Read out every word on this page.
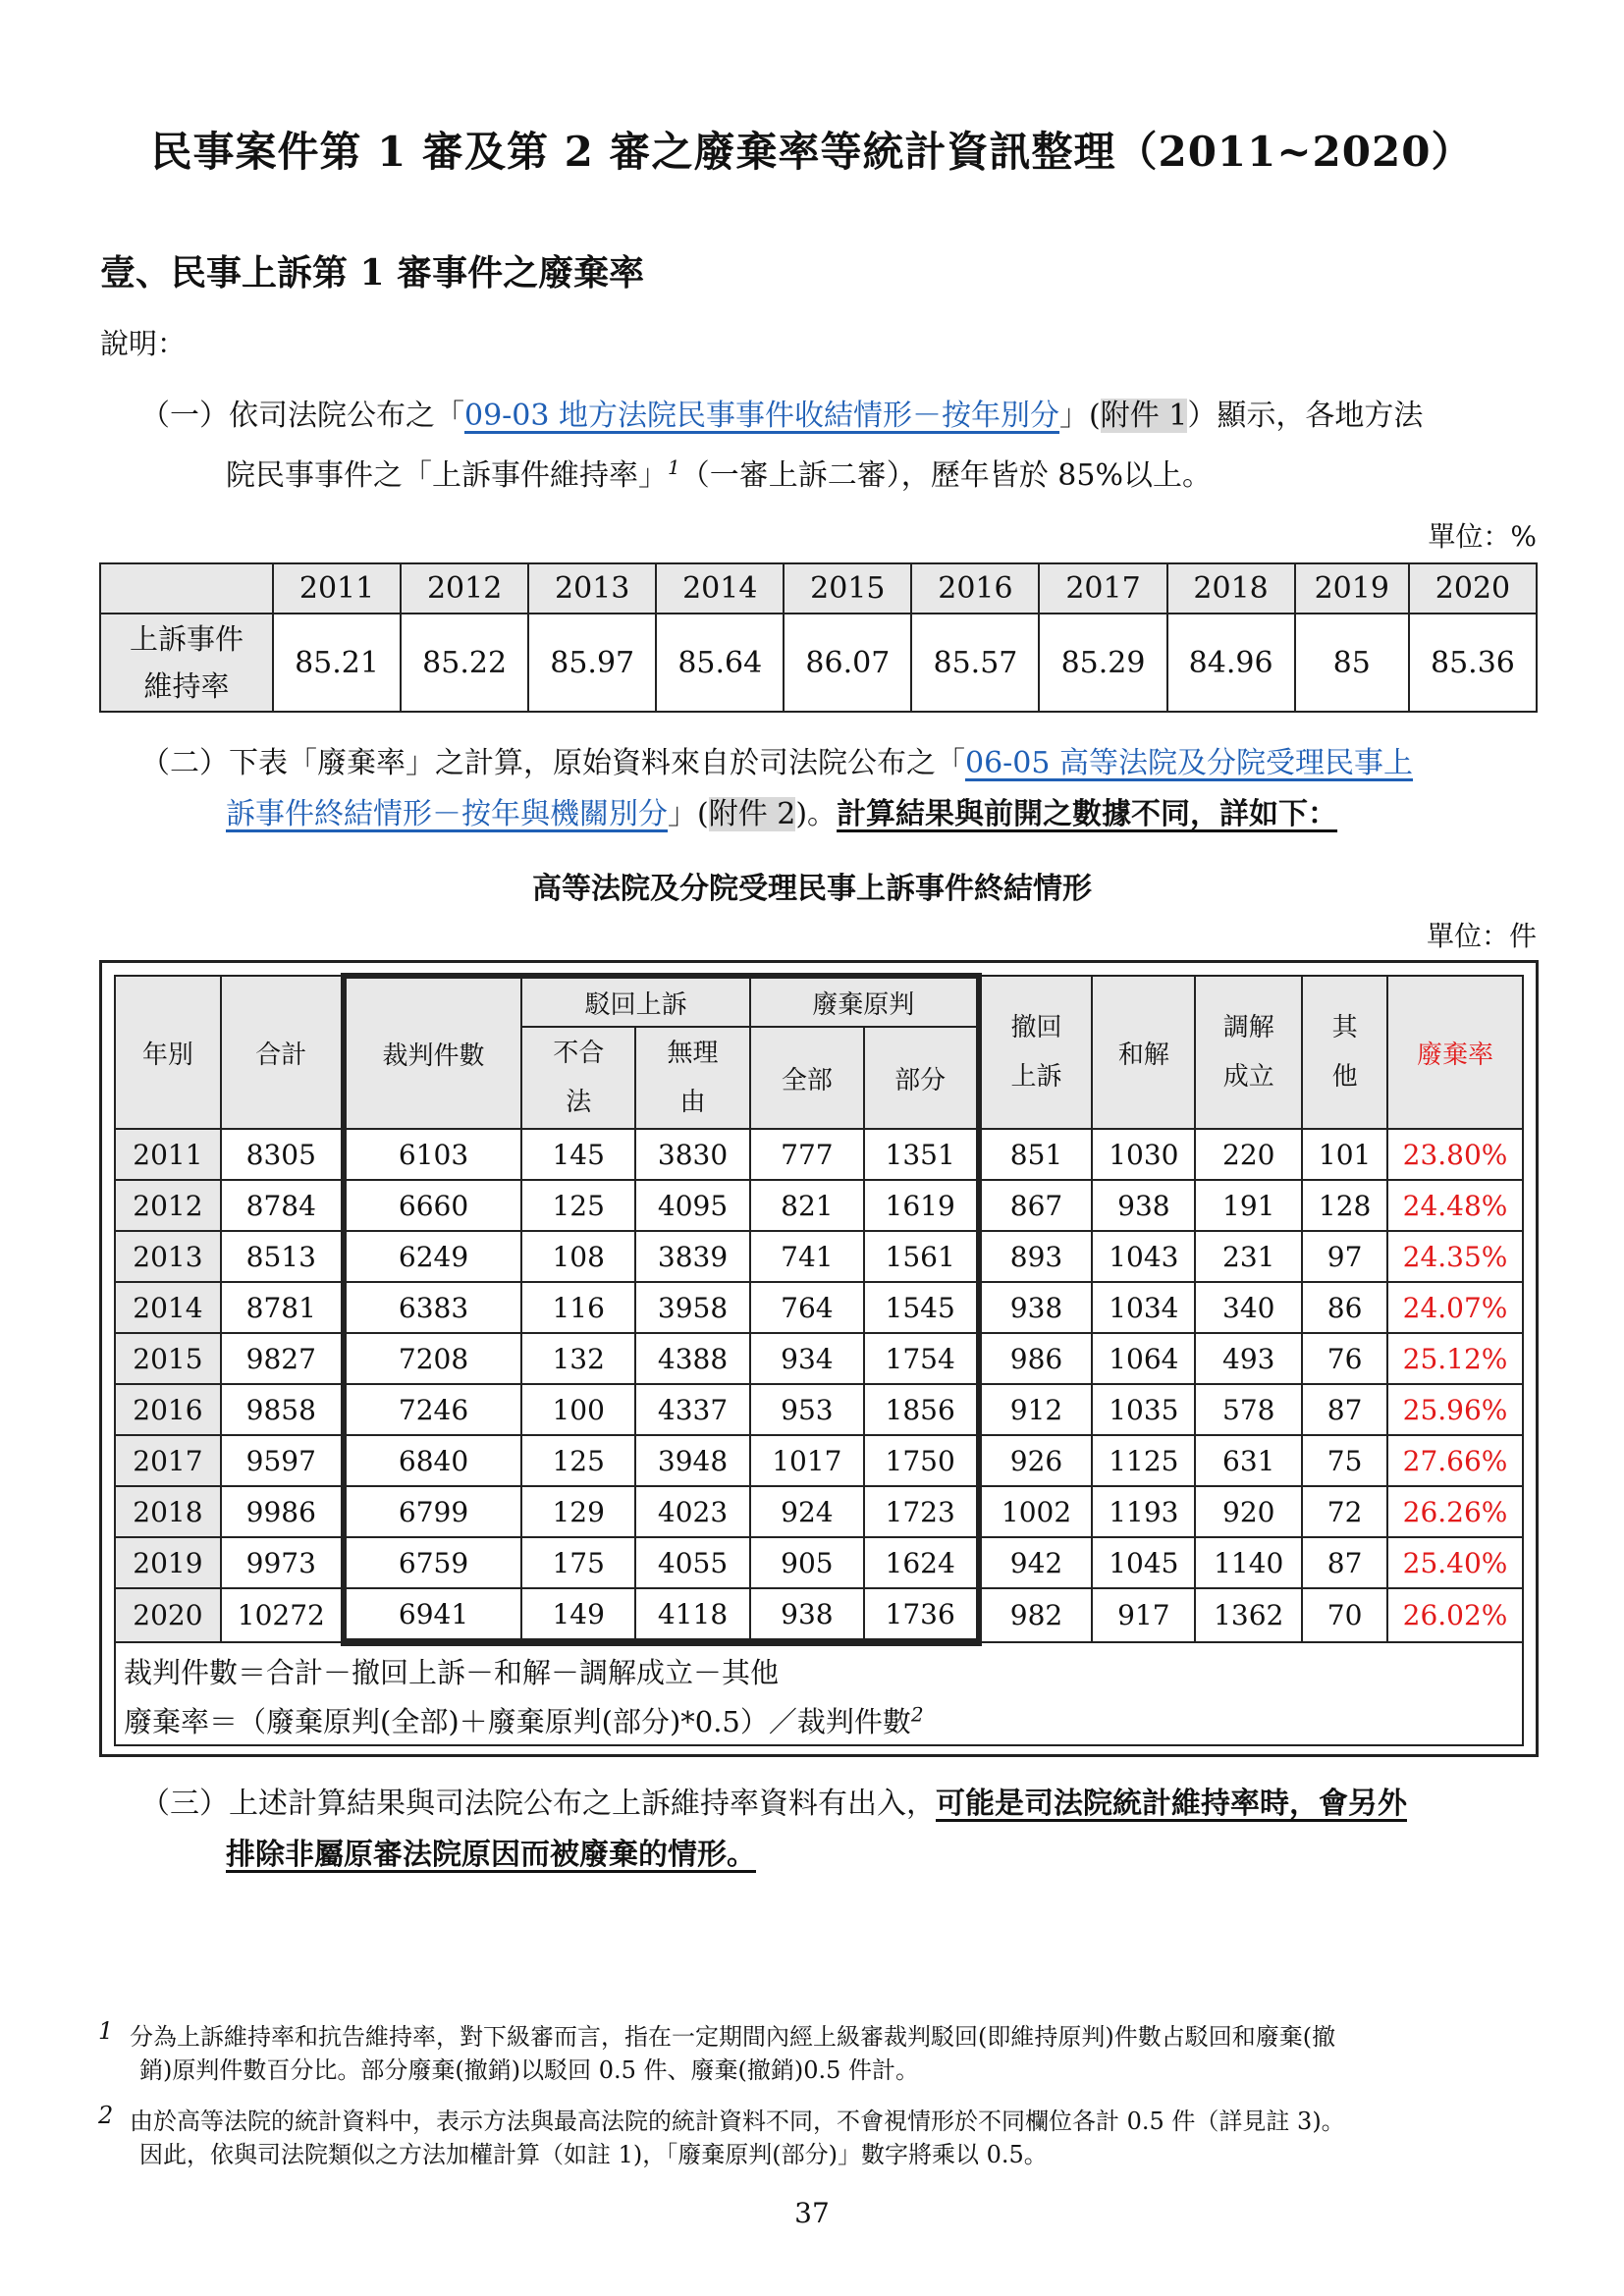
民事案件第 1 審及第 2 審之廢棄率等統計資訊整理（2011~2020）
壹、民事上訴第 1 審事件之廢棄率
說明：
（一）依司法院公布之「09-03 地方法院民事事件收結情形－按年別分」(附件 1）顯示，各地方法
院民事事件之「上訴事件維持率」$^1$（一審上訴二審），歷年皆於 85%以上。
單位：%
	2011	2012	2013	2014	2015	2016	2017	2018	2019	2020
上訴事件
維持率	85.21	85.22	85.97	85.64	86.07	85.57	85.29	84.96	85	85.36
（二）下表「廢棄率」之計算，原始資料來自於司法院公布之「06-05 高等法院及分院受理民事上
訴事件終結情形－按年與機關別分」(附件 2)。計算結果與前開之數據不同，詳如下：
高等法院及分院受理民事上訴事件終結情形
單位：件
年別	合計	裁判件數	駁回上訴		廢棄原判		撤回上訴	和解	調解成立	其他	廢棄率
			不合法	無理由	全部	部分					
2011	8305	6103	145	3830	777	1351	851	1030	220	101	23.80%
2012	8784	6660	125	4095	821	1619	867	938	191	128	24.48%
2013	8513	6249	108	3839	741	1561	893	1043	231	97	24.35%
2014	8781	6383	116	3958	764	1545	938	1034	340	86	24.07%
2015	9827	7208	132	4388	934	1754	986	1064	493	76	25.12%
2016	9858	7246	100	4337	953	1856	912	1035	578	87	25.96%
2017	9597	6840	125	3948	1017	1750	926	1125	631	75	27.66%
2018	9986	6799	129	4023	924	1723	1002	1193	920	72	26.26%
2019	9973	6759	175	4055	905	1624	942	1045	1140	87	25.40%
2020	10272	6941	149	4118	938	1736	982	917	1362	70	26.02%
裁判件數＝合計－撤回上訴－和解－調解成立－其他											
廢棄率＝（廢棄原判(全部)＋廢棄原判(部分)*0.5）／裁判件數$^2$
（三）上述計算結果與司法院公布之上訴維持率資料有出入，可能是司法院統計維持率時，會另外
排除非屬原審法院原因而被廢棄的情形。
1 分為上訴維持率和抗告維持率，對下級審而言，指在一定期間內經上級審裁判駁回(即維持原判)件數占駁回和廢棄(撤
銷)原判件數百分比。部分廢棄(撤銷)以駁回 0.5 件、廢棄(撤銷)0.5 件計。
2 由於高等法院的統計資料中，表示方法與最高法院的統計資料不同，不會視情形於不同欄位各計 0.5 件（詳見註 3)。
因此，依與司法院類似之方法加權計算（如註 1)，「廢棄原判(部分)」數字將乘以 0.5。
37
